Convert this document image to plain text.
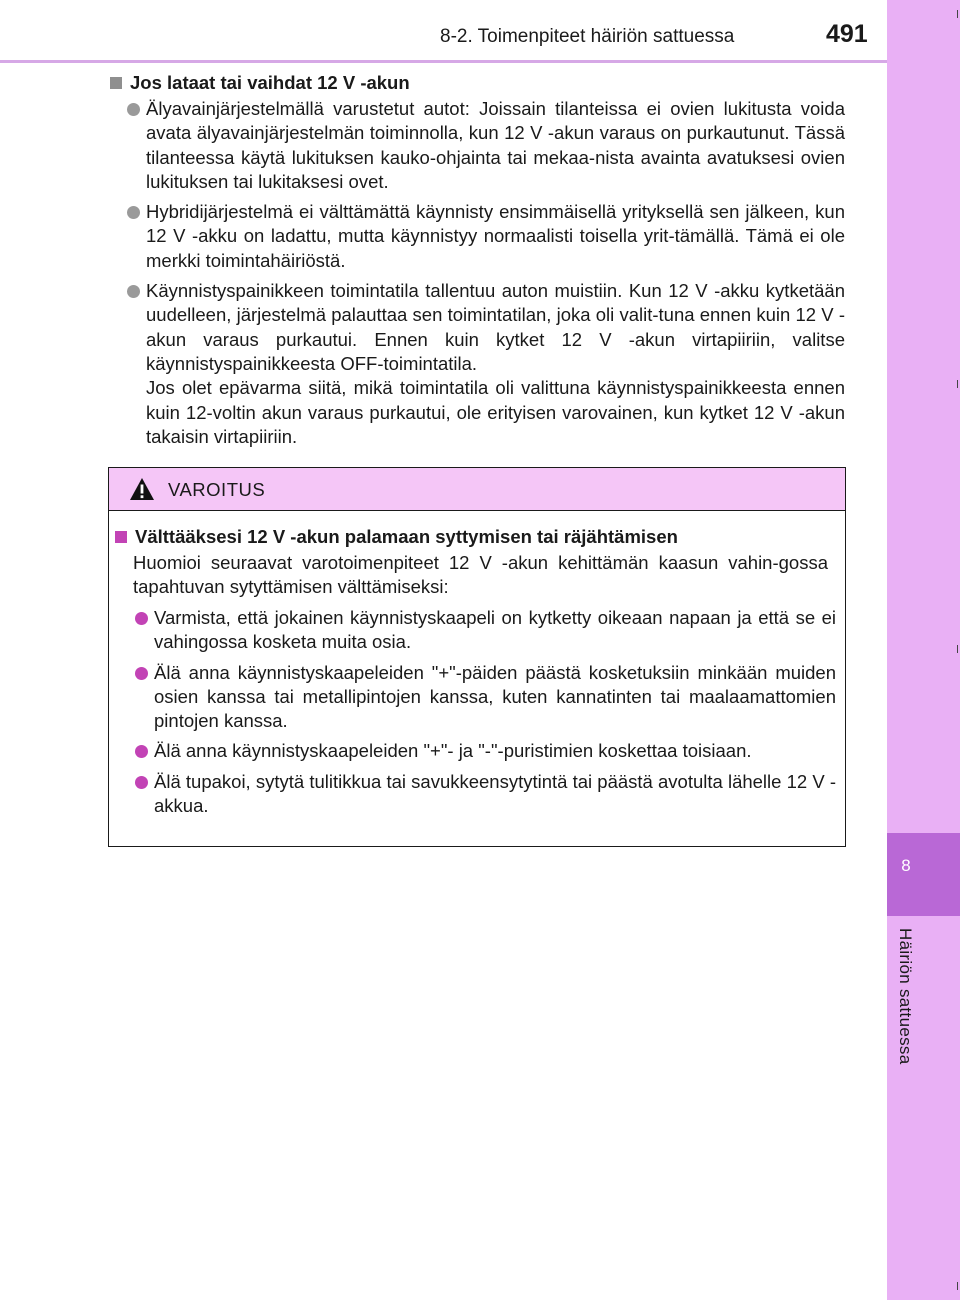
8-2. Toimenpiteet häiriön sattuessa	491
8
Häiriön sattuessa
Jos lataat tai vaihdat 12 V -akun
Älyavainjärjestelmällä varustetut autot: Joissain tilanteissa ei ovien lukitusta voida avata älyavainjärjestelmän toiminnolla, kun 12 V -akun varaus on purkautunut. Tässä tilanteessa käytä lukituksen kauko-ohjainta tai mekaa-nista avainta avatuksesi ovien lukituksen tai lukitaksesi ovet.
Hybridijärjestelmä ei välttämättä käynnisty ensimmäisellä yrityksellä sen jälkeen, kun 12 V -akku on ladattu, mutta käynnistyy normaalisti toisella yrit-tämällä. Tämä ei ole merkki toimintahäiriöstä.
Käynnistyspainikkeen toimintatila tallentuu auton muistiin. Kun 12 V -akku kytketään uudelleen, järjestelmä palauttaa sen toimintatilan, joka oli valit-tuna ennen kuin 12 V -akun varaus purkautui. Ennen kuin kytket 12 V -akun virtapiiriin, valitse käynnistyspainikkeesta OFF-toimintatila.
Jos olet epävarma siitä, mikä toimintatila oli valittuna käynnistyspainikkeesta ennen kuin 12-voltin akun varaus purkautui, ole erityisen varovainen, kun kytket 12 V -akun takaisin virtapiiriin.
VAROITUS
Välttääksesi 12 V -akun palamaan syttymisen tai räjähtämisen

Huomioi seuraavat varotoimenpiteet 12 V -akun kehittämän kaasun vahin-gossa tapahtuvan sytyttämisen välttämiseksi:

Varmista, että jokainen käynnistyskaapeli on kytketty oikeaan napaan ja että se ei vahingossa kosketa muita osia.
Älä anna käynnistyskaapeleiden "+"-päiden päästä kosketuksiin minkään muiden osien kanssa tai metallipintojen kanssa, kuten kannatinten tai maalaamattomien pintojen kanssa.
Älä anna käynnistyskaapeleiden "+"- ja "-"-puristimien koskettaa toisiaan.
Älä tupakoi, sytytä tulitikkua tai savukkeensytytintä tai päästä avotulta lähelle 12 V -akkua.
